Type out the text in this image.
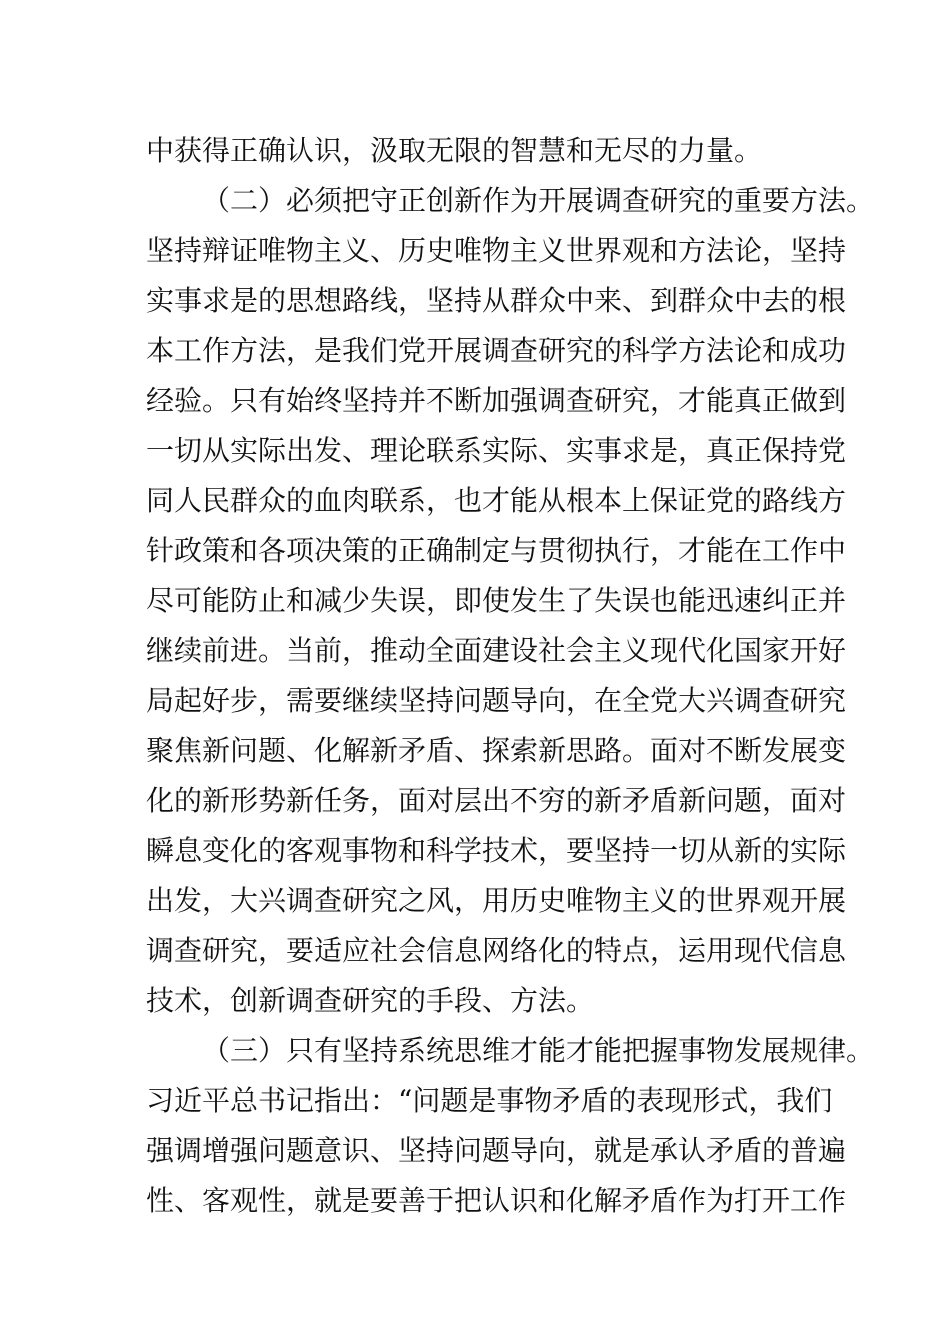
中获得正确认识，汲取无限的智慧和无尽的力量。

（二）必须把守正创新作为开展调查研究的重要方法。

坚持辩证唯物主义、历史唯物主义世界观和方法论，坚持

实事求是的思想路线，坚持从群众中来、到群众中去的根

本工作方法，是我们党开展调查研究的科学方法论和成功

经验。只有始终坚持并不断加强调查研究，才能真正做到

一切从实际出发、理论联系实际、实事求是，真正保持党

同人民群众的血肉联系，也才能从根本上保证党的路线方

针政策和各项决策的正确制定与贯彻执行，才能在工作中

尽可能防止和减少失误，即使发生了失误也能迅速纠正并

继续前进。当前，推动全面建设社会主义现代化国家开好

局起好步，需要继续坚持问题导向，在全党大兴调查研究

聚焦新问题、化解新矛盾、探索新思路。面对不断发展变

化的新形势新任务，面对层出不穷的新矛盾新问题，面对

瞬息变化的客观事物和科学技术，要坚持一切从新的实际

出发，大兴调查研究之风，用历史唯物主义的世界观开展

调查研究，要适应社会信息网络化的特点，运用现代信息

技术，创新调查研究的手段、方法。

（三）只有坚持系统思维才能才能把握事物发展规律。

习近平总书记指出：“问题是事物矛盾的表现形式，我们

强调增强问题意识、坚持问题导向，就是承认矛盾的普遍

性、客观性，就是要善于把认识和化解矛盾作为打开工作
